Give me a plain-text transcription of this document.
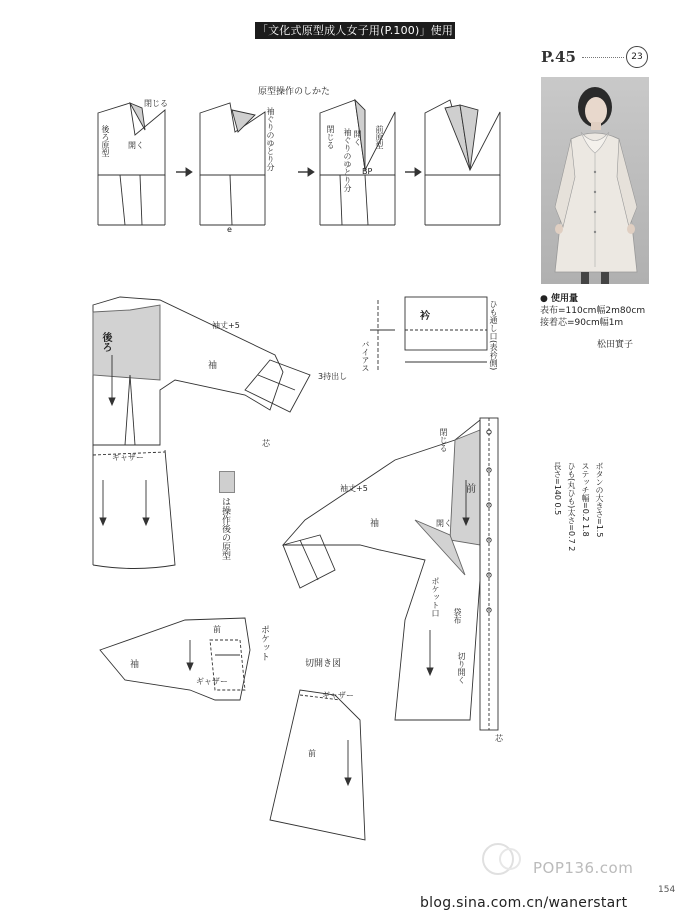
「文化式原型成人女子用(P.100)」使用
P.45	23
● 使用量
表布=110cm幅2m80cm
接着芯=90cm幅1m
松田實子
ボタンの大きさ=1.5
ステッチ幅=0.2 1.8
ひも(丸ひも)太さ=0.7 2
長さ=140 0.5
は操作後の原型
原型操作のしかた
閉じる
開く
後ろ原型	袖ぐりのゆとり分
e
閉じる 袖ぐりのゆとり分 開く 前原型
BP
後ろ
袖
袖丈+5
3持出し
衿
バイアス	ひも通し口(表衿側)
ギャザー
芯	閉じる
前
袖丈+5
袖	開く
ポケット口 袋布
切り開く
芯
袖
前	ポケット
ギャザー
切開き図
ギャザー
前
POP136.com
154
blog.sina.com.cn/wanerstart
